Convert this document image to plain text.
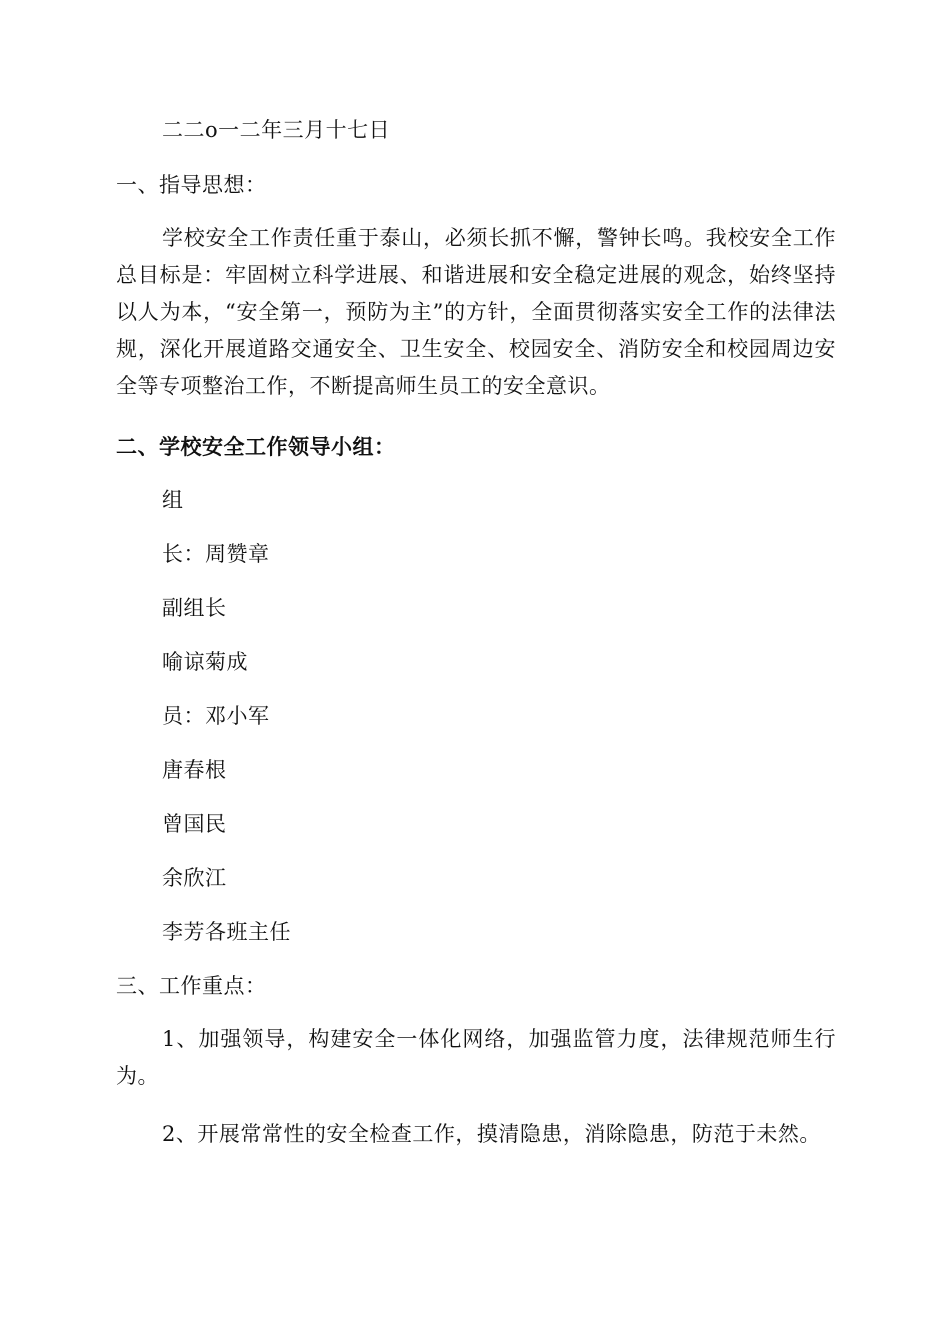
二二ο一二年三月十七日
一、指导思想：
学校安全工作责任重于泰山，必须长抓不懈，警钟长鸣。我校安全工作总目标是：牢固树立科学进展、和谐进展和安全稳定进展的观念，始终坚持以人为本，“安全第一，预防为主”的方针，全面贯彻落实安全工作的法律法规，深化开展道路交通安全、卫生安全、校园安全、消防安全和校园周边安全等专项整治工作，不断提高师生员工的安全意识。
二、学校安全工作领导小组：
组
长：周赞章
副组长
喻谅菊成
员：邓小军
唐春根
曾国民
余欣江
李芳各班主任
三、工作重点：
1、加强领导，构建安全一体化网络，加强监管力度，法律规范师生行为。
2、开展常常性的安全检查工作，摸清隐患，消除隐患，防范于未然。
